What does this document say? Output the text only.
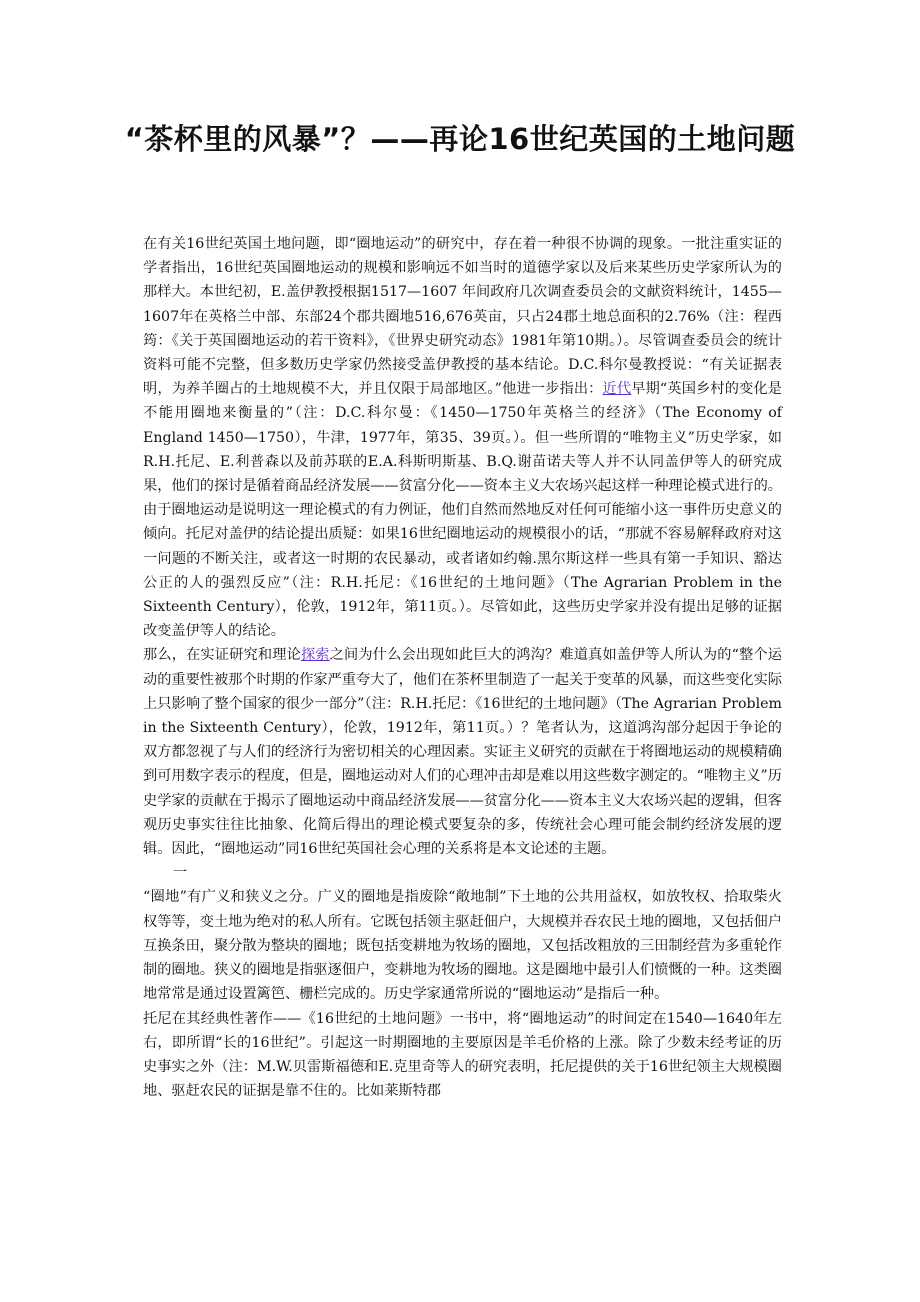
“茶杯里的风暴”？——再论16世纪英国的土地问题

在有关16世纪英国土地问题，即“圈地运动”的研究中，存在着一种很不协调的现象。一批注重实证的学者指出，16世纪英国圈地运动的规模和影响远不如当时的道德学家以及后来某些历史学家所认为的那样大。本世纪初，E.盖伊教授根据1517—1607 年间政府几次调查委员会的文献资料统计，1455—1607年在英格兰中部、东部24个郡共圈地516,676英亩，只占24郡土地总面积的2.76%（注：程西筠：《关于英国圈地运动的若干资料》，《世界史研究动态》1981年第10期。）。尽管调查委员会的统计资料可能不完整，但多数历史学家仍然接受盖伊教授的基本结论。D.C.科尔曼教授说：“有关证据表明，为养羊圈占的土地规模不大，并且仅限于局部地区。”他进一步指出：近代早期“英国乡村的变化是不能用圈地来衡量的”（注：D.C.科尔曼：《1450—1750年英格兰的经济》（The Economy of England 1450—1750），牛津，1977年，第35、39页。）。但一些所谓的“唯物主义”历史学家，如R.H.托尼、E.利普森以及前苏联的E.A.科斯明斯基、B.Q.谢苗诺夫等人并不认同盖伊等人的研究成果，他们的探讨是循着商品经济发展——贫富分化——资本主义大农场兴起这样一种理论模式进行的。由于圈地运动是说明这一理论模式的有力例证，他们自然而然地反对任何可能缩小这一事件历史意义的倾向。托尼对盖伊的结论提出质疑：如果16世纪圈地运动的规模很小的话，“那就不容易解释政府对这一问题的不断关注，或者这一时期的农民暴动，或者诸如约翰.黑尔斯这样一些具有第一手知识、豁达公正的人的强烈反应”（注：R.H.托尼：《16世纪的土地问题》（The Agrarian Problem in the Sixteenth Century），伦敦，1912年，第11页。）。尽管如此，这些历史学家并没有提出足够的证据改变盖伊等人的结论。

那么，在实证研究和理论探索之间为什么会出现如此巨大的鸿沟？难道真如盖伊等人所认为的“整个运动的重要性被那个时期的作家严重夸大了，他们在茶杯里制造了一起关于变革的风暴，而这些变化实际上只影响了整个国家的很少一部分”（注：R.H.托尼：《16世纪的土地问题》（The Agrarian Problem in the Sixteenth Century），伦敦，1912年，第11页。）？笔者认为，这道鸿沟部分起因于争论的双方都忽视了与人们的经济行为密切相关的心理因素。实证主义研究的贡献在于将圈地运动的规模精确到可用数字表示的程度，但是，圈地运动对人们的心理冲击却是难以用这些数字测定的。“唯物主义”历史学家的贡献在于揭示了圈地运动中商品经济发展——贫富分化——资本主义大农场兴起的逻辑，但客观历史事实往往比抽象、化简后得出的理论模式要复杂的多，传统社会心理可能会制约经济发展的逻辑。因此，“圈地运动”同16世纪英国社会心理的关系将是本文论述的主题。

一

“圈地”有广义和狭义之分。广义的圈地是指废除“敞地制”下土地的公共用益权，如放牧权、拾取柴火权等等，变土地为绝对的私人所有。它既包括领主驱赶佃户，大规模并吞农民土地的圈地，又包括佃户互换条田，聚分散为整块的圈地；既包括变耕地为牧场的圈地，又包括改粗放的三田制经营为多重轮作制的圈地。狭义的圈地是指驱逐佃户，变耕地为牧场的圈地。这是圈地中最引人们愤慨的一种。这类圈地常常是通过设置篱笆、栅栏完成的。历史学家通常所说的“圈地运动”是指后一种。

托尼在其经典性著作——《16世纪的土地问题》一书中，将“圈地运动”的时间定在1540—1640年左右，即所谓“长的16世纪”。引起这一时期圈地的主要原因是羊毛价格的上涨。除了少数未经考证的历史事实之外（注：M.W.贝雷斯福德和E.克里奇等人的研究表明，托尼提供的关于16世纪领主大规模圈地、驱赶农民的证据是靠不住的。比如莱斯特郡
